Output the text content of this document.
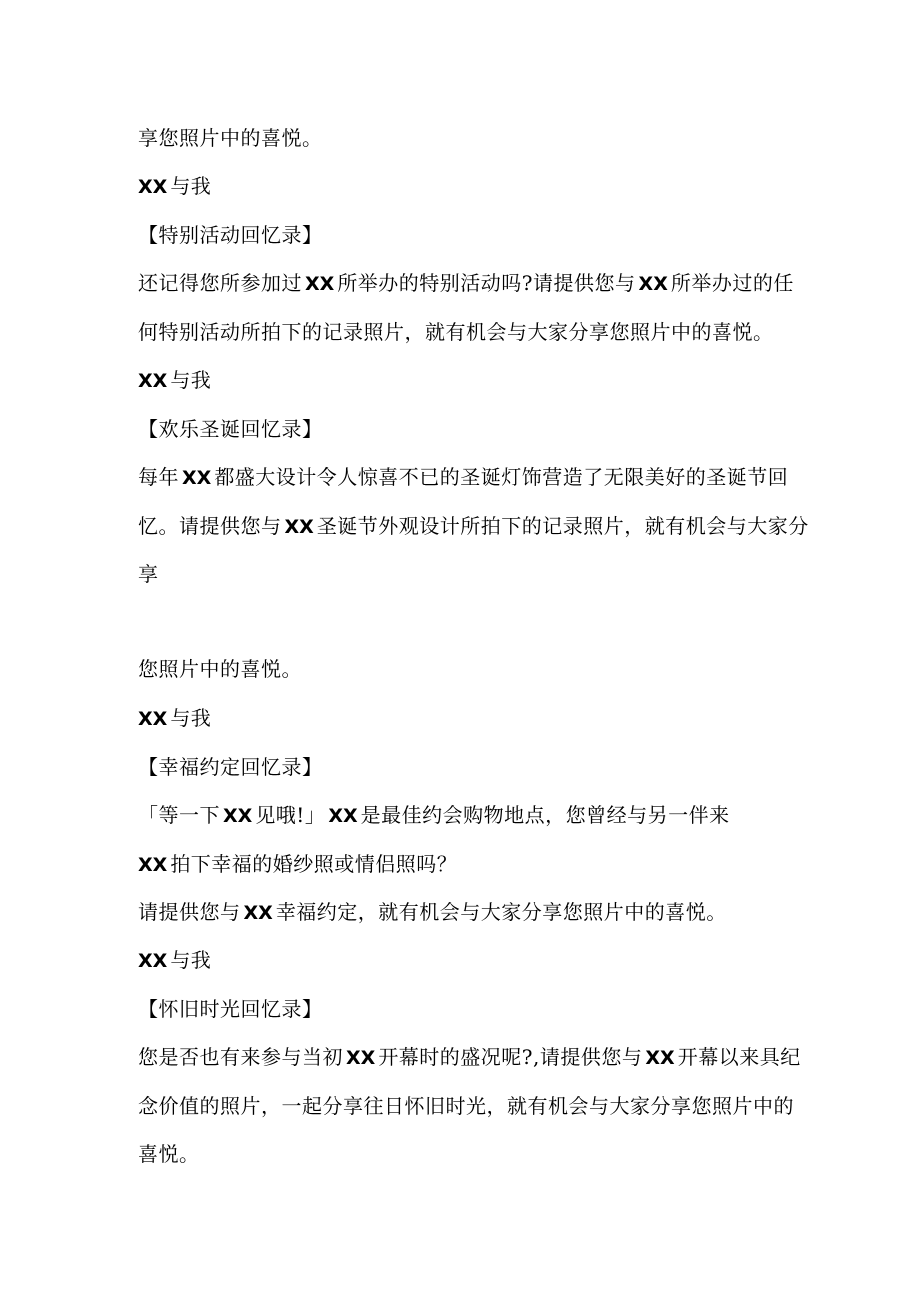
享您照片中的喜悦。
XX 与我
【特别活动回忆录】
还记得您所参加过 XX 所举办的特别活动吗?请提供您与 XX 所举办过的任
何特别活动所拍下的记录照片，就有机会与大家分享您照片中的喜悦。
XX 与我
【欢乐圣诞回忆录】
每年 XX 都盛大设计令人惊喜不已的圣诞灯饰营造了无限美好的圣诞节回
忆。请提供您与 XX 圣诞节外观设计所拍下的记录照片，就有机会与大家分
享
您照片中的喜悦。
XX 与我
【幸福约定回忆录】
「等一下 XX 见哦!」 XX 是最佳约会购物地点，您曾经与另一伴来
XX 拍下幸福的婚纱照或情侣照吗？
请提供您与 XX 幸福约定，就有机会与大家分享您照片中的喜悦。
XX 与我
【怀旧时光回忆录】
您是否也有来参与当初 XX 开幕时的盛况呢?,请提供您与 XX 开幕以来具纪
念价值的照片，一起分享往日怀旧时光，就有机会与大家分享您照片中的
喜悦。
